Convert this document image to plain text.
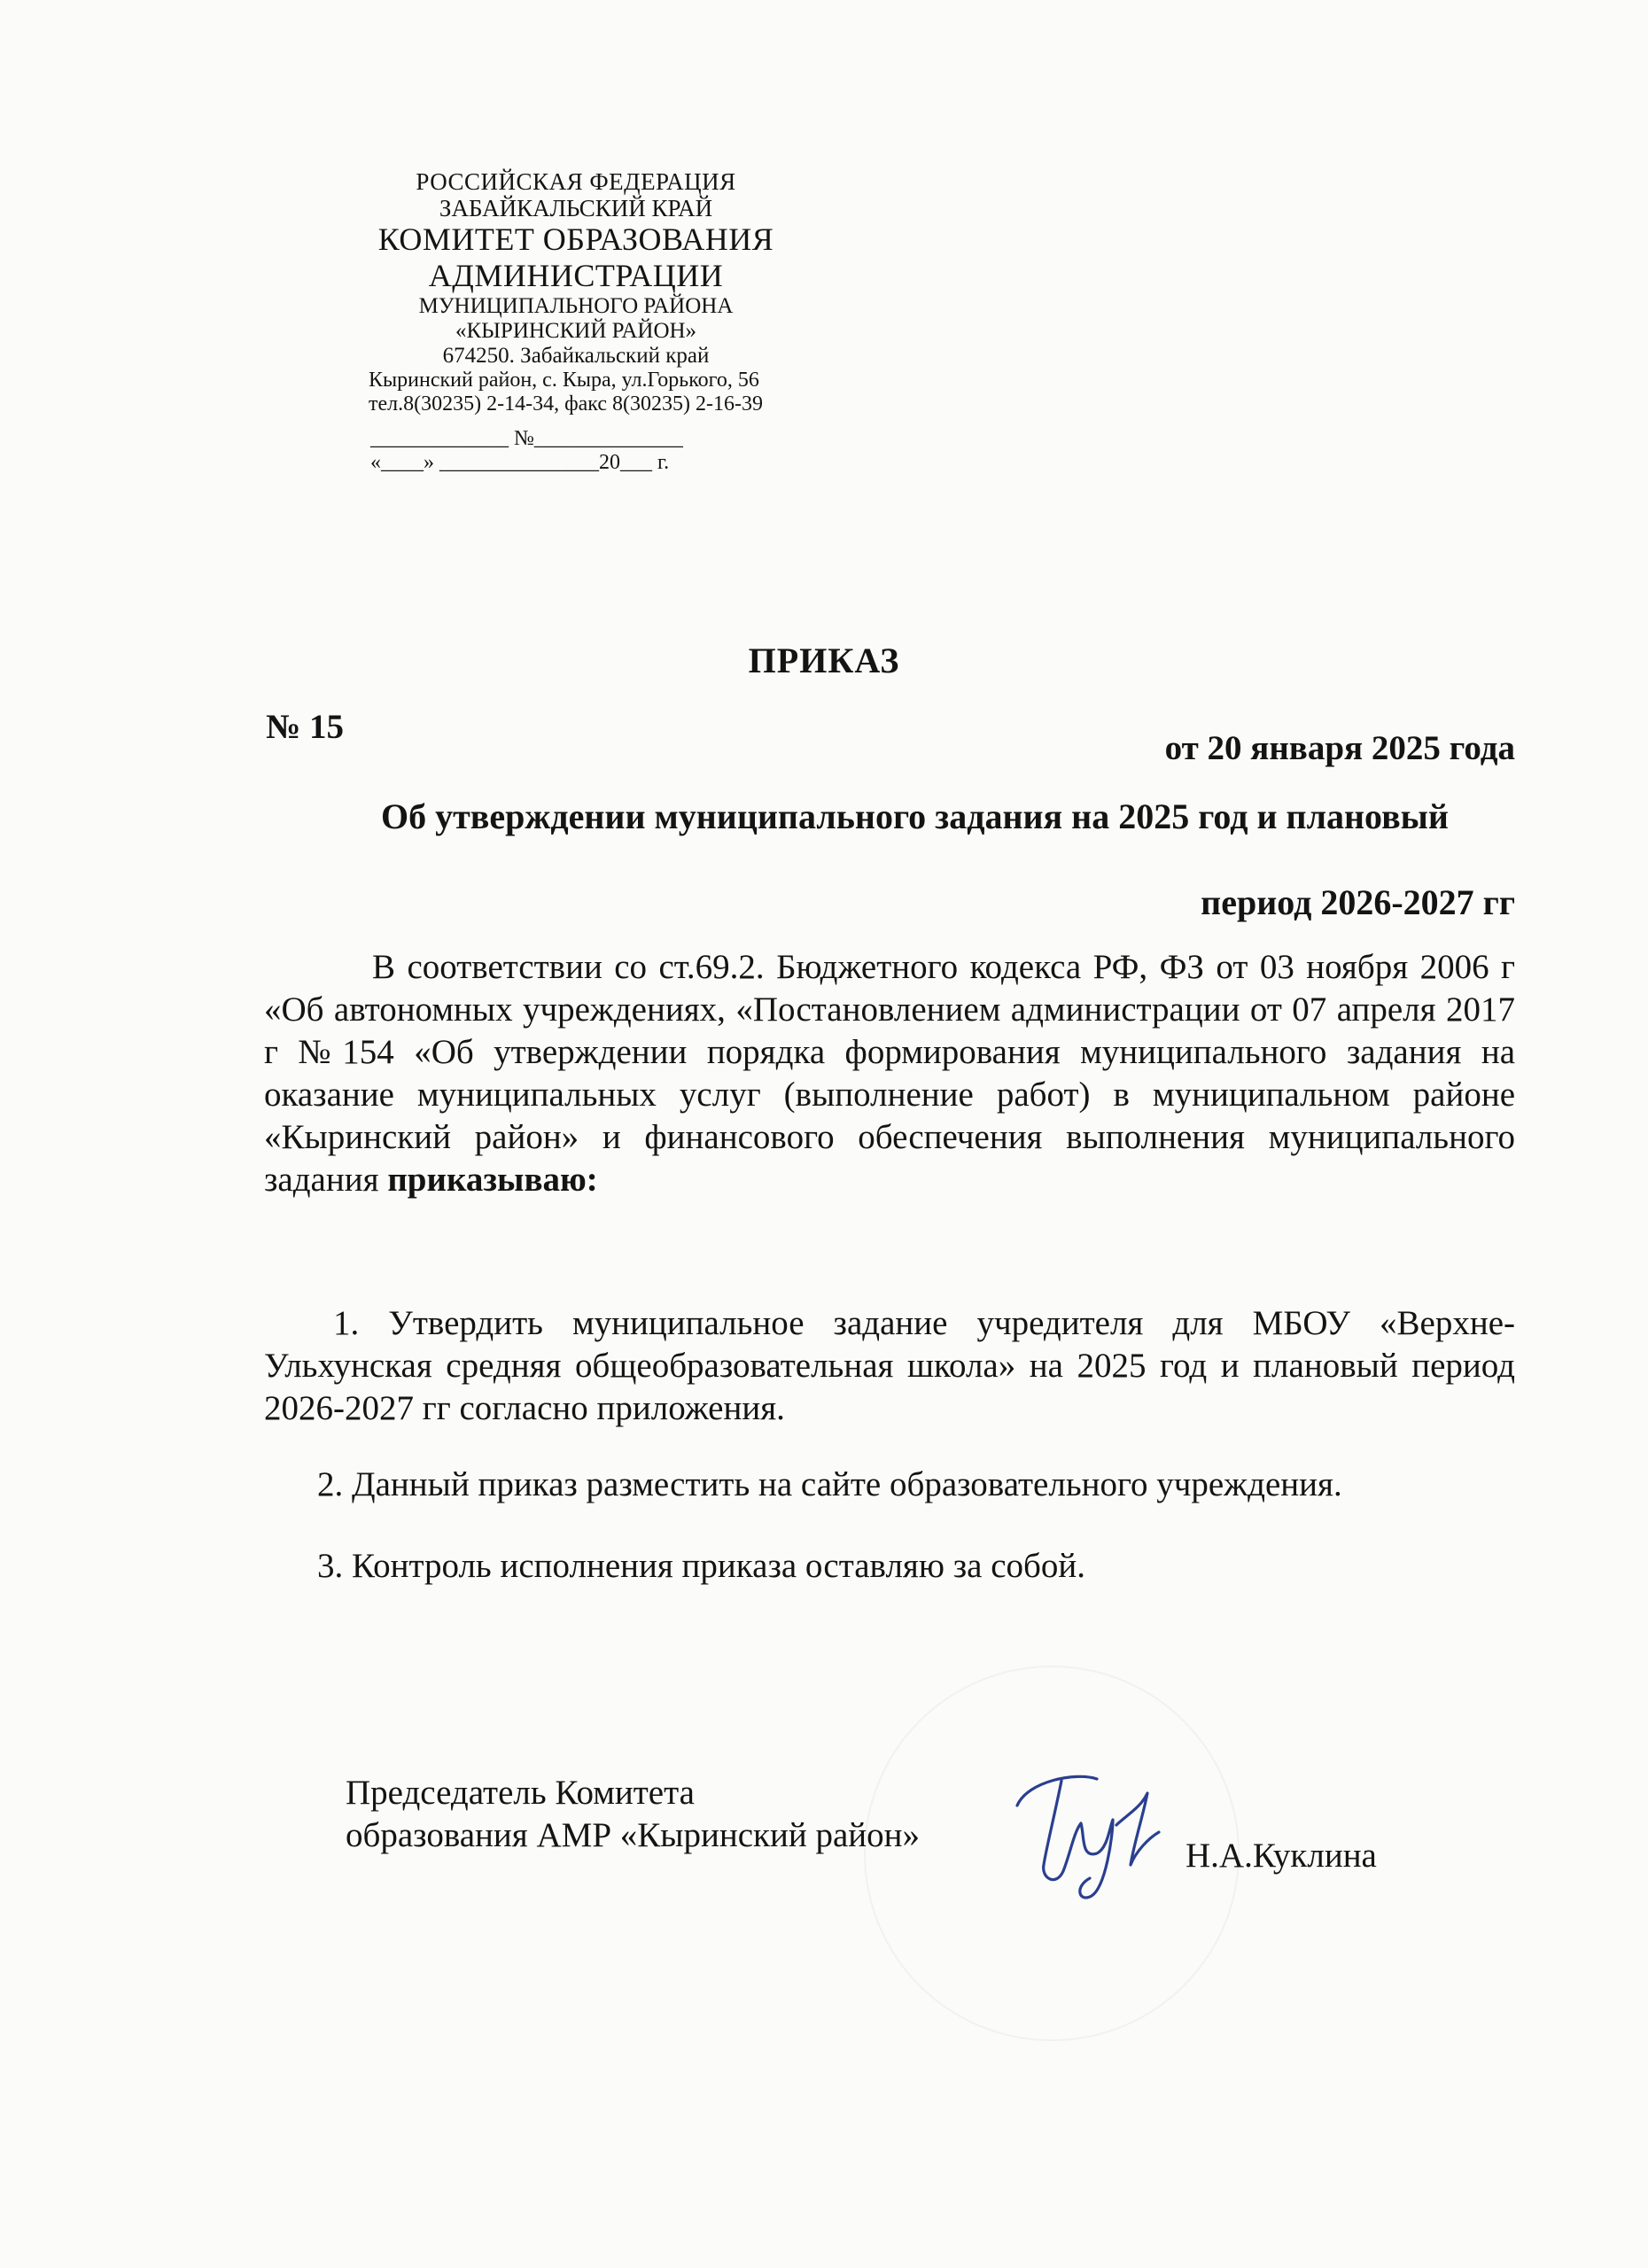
РОССИЙСКАЯ ФЕДЕРАЦИЯ
ЗАБАЙКАЛЬСКИЙ КРАЙ
КОМИТЕТ ОБРАЗОВАНИЯ
АДМИНИСТРАЦИИ
МУНИЦИПАЛЬНОГО РАЙОНА
«КЫРИНСКИЙ РАЙОН»
674250. Забайкальский край
Кыринский район, с. Кыра, ул.Горького, 56
тел.8(30235) 2-14-34, факс 8(30235) 2-16-39
_____________ №______________
«____» _______________20___ г.
ПРИКАЗ
№ 15
от 20 января 2025 года
Об утверждении муниципального задания на 2025 год и плановый
период 2026-2027 гг
В соответствии со ст.69.2. Бюджетного кодекса РФ, ФЗ от 03 ноября 2006 г «Об автономных учреждениях, «Постановлением администрации от 07 апреля 2017 г №154 «Об утверждении порядка формирования муниципального задания на оказание муниципальных услуг (выполнение работ) в муниципальном районе «Кыринский район» и финансового обеспечения выполнения муниципального задания приказываю:
1. Утвердить муниципальное задание учредителя для МБОУ «Верхне-Ульхунская средняя общеобразовательная школа» на 2025 год и плановый период 2026-2027 гг согласно приложения.
2. Данный приказ разместить на сайте образовательного учреждения.
3. Контроль исполнения приказа оставляю за собой.
Председатель Комитета
образования АМР «Кыринский район»
Н.А.Куклина
